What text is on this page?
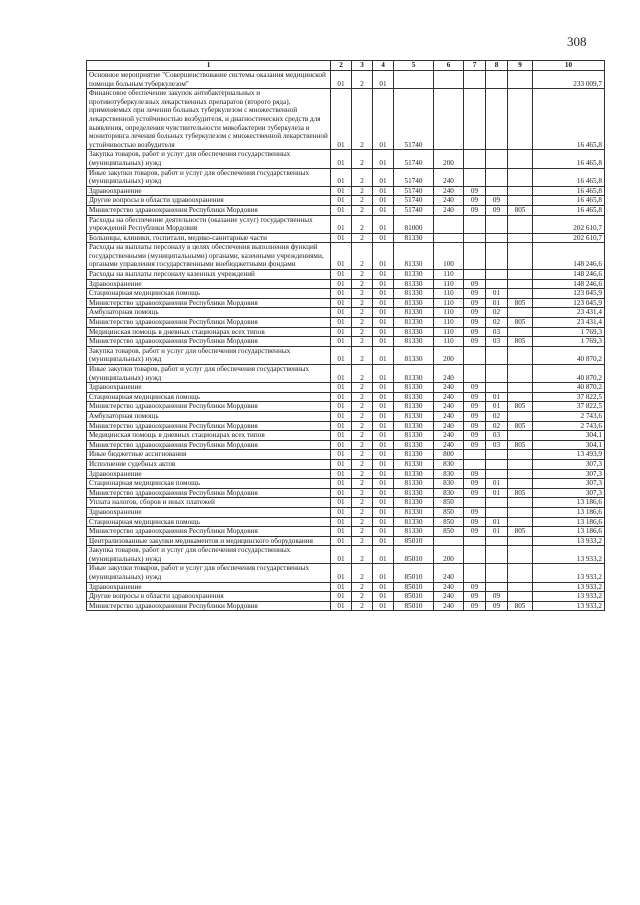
308
1	2	3	4	5	6	7	8	9	10
Основное мероприятие "Совершенствование системы оказания медицинской помощи больным туберкулезом"	01	2	01						233 009,7
Финансовое обеспечение закупок антибактериальных и противотуберкулезных лекарственных препаратов (второго ряда), применяемых при лечении больных туберкулезом с множественной лекарственной устойчивостью возбудителя, и диагностических средств для выявления, определения чувствительности микобактерии туберкулеза и мониторинга лечения больных туберкулезом с множественной лекарственной устойчивостью возбудителя	01	2	01	51740					16 465,8
Закупка товаров, работ и услуг для обеспечения государственных (муниципальных) нужд	01	2	01	51740	200				16 465,8
Иные закупки товаров, работ и услуг для обеспечения государственных (муниципальных) нужд	01	2	01	51740	240				16 465,8
Здравоохранение	01	2	01	51740	240	09			16 465,8
Другие вопросы в области здравоохранения	01	2	01	51740	240	09	09		16 465,8
Министерство здравоохранения Республики Мордовия	01	2	01	51740	240	09	09	805	16 465,8
Расходы на обеспечение деятельности (оказание услуг) государственных учреждений Республики Мордовия	01	2	01	81000					202 610,7
Больницы, клиники, госпитали, медико-санитарные части	01	2	01	81330					202 610,7
Расходы на выплаты персоналу в целях обеспечения выполнения функций государственными (муниципальными) органами, казенными учреждениями, органами управления государственными внебюджетными фондами	01	2	01	81330	100				148 246,6
Расходы на выплаты персоналу казенных учреждений	01	2	01	81330	110				148 246,6
Здравоохранение	01	2	01	81330	110	09			148 246,6
Стационарная медицинская помощь	01	2	01	81330	110	09	01		123 045,9
Министерство здравоохранения Республики Мордовия	01	2	01	81330	110	09	01	805	123 045,9
Амбулаторная помощь	01	2	01	81330	110	09	02		23 431,4
Министерство здравоохранения Республики Мордовия	01	2	01	81330	110	09	02	805	23 431,4
Медицинская помощь в дневных стационарах всех типов	01	2	01	81330	110	09	03		1 769,3
Министерство здравоохранения Республики Мордовия	01	2	01	81330	110	09	03	805	1 769,3
Закупка товаров, работ и услуг для обеспечения государственных (муниципальных) нужд	01	2	01	81330	200				40 870,2
Иные закупки товаров, работ и услуг для обеспечения государственных (муниципальных) нужд	01	2	01	81330	240				40 870,2
Здравоохранение	01	2	01	81330	240	09			40 870,2
Стационарная медицинская помощь	01	2	01	81330	240	09	01		37 822,5
Министерство здравоохранения Республики Мордовия	01	2	01	81330	240	09	01	805	37 822,5
Амбулаторная помощь	01	2	01	81330	240	09	02		2 743,6
Министерство здравоохранения Республики Мордовия	01	2	01	81330	240	09	02	805	2 743,6
Медицинская помощь в дневных стационарах всех типов	01	2	01	81330	240	09	03		304,1
Министерство здравоохранения Республики Мордовия	01	2	01	81330	240	09	03	805	304,1
Иные бюджетные ассигнования	01	2	01	81330	800				13 493,9
Исполнение судебных актов	01	2	01	81330	830				307,3
Здравоохранение	01	2	01	81330	830	09			307,3
Стационарная медицинская помощь	01	2	01	81330	830	09	01		307,3
Министерство здравоохранения Республики Мордовия	01	2	01	81330	830	09	01	805	307,3
Уплата налогов, сборов и иных платежей	01	2	01	81330	850				13 186,6
Здравоохранение	01	2	01	81330	850	09			13 186,6
Стационарная медицинская помощь	01	2	01	81330	850	09	01		13 186,6
Министерство здравоохранения Республики Мордовия	01	2	01	81330	850	09	01	805	13 186,6
Централизованные закупки медикаментов и медицинского оборудования	01	2	01	85010					13 933,2
Закупка товаров, работ и услуг для обеспечения государственных (муниципальных) нужд	01	2	01	85010	200				13 933,2
Иные закупки товаров, работ и услуг для обеспечения государственных (муниципальных) нужд	01	2	01	85010	240				13 933,2
Здравоохранение	01	2	01	85010	240	09			13 933,2
Другие вопросы в области здравоохранения	01	2	01	85010	240	09	09		13 933,2
Министерство здравоохранения Республики Мордовия	01	2	01	85010	240	09	09	805	13 933,2
